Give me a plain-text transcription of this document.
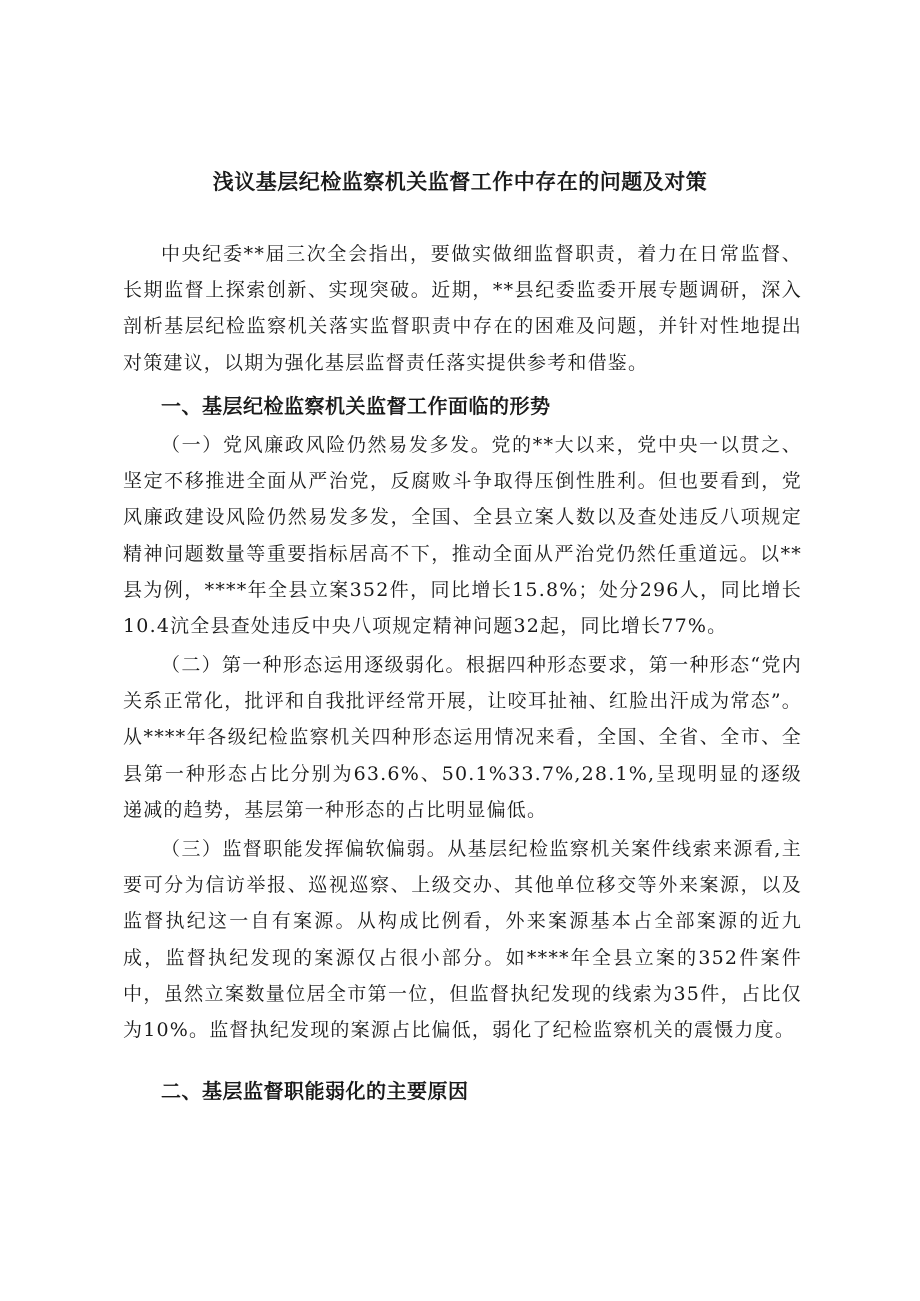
浅议基层纪检监察机关监督工作中存在的问题及对策

中央纪委**届三次全会指出，要做实做细监督职责，着力在日常监督、长期监督上探索创新、实现突破。近期，**县纪委监委开展专题调研，深入剖析基层纪检监察机关落实监督职责中存在的困难及问题，并针对性地提出对策建议，以期为强化基层监督责任落实提供参考和借鉴。

一、基层纪检监察机关监督工作面临的形势

（一）党风廉政风险仍然易发多发。党的**大以来，党中央一以贯之、坚定不移推进全面从严治党，反腐败斗争取得压倒性胜利。但也要看到，党风廉政建设风险仍然易发多发，全国、全县立案人数以及查处违反八项规定精神问题数量等重要指标居高不下，推动全面从严治党仍然任重道远。以**县为例，****年全县立案352件，同比增长15.8%；处分296人，同比增长10.4沆全县查处违反中央八项规定精神问题32起，同比增长77%。

（二）第一种形态运用逐级弱化。根据四种形态要求，第一种形态“党内关系正常化，批评和自我批评经常开展，让咬耳扯袖、红脸出汗成为常态”。从****年各级纪检监察机关四种形态运用情况来看，全国、全省、全市、全县第一种形态占比分别为63.6%、50.1%33.7%,28.1%,呈现明显的逐级递减的趋势，基层第一种形态的占比明显偏低。

（三）监督职能发挥偏软偏弱。从基层纪检监察机关案件线索来源看,主要可分为信访举报、巡视巡察、上级交办、其他单位移交等外来案源，以及监督执纪这一自有案源。从构成比例看，外来案源基本占全部案源的近九成，监督执纪发现的案源仅占很小部分。如****年全县立案的352件案件中，虽然立案数量位居全市第一位，但监督执纪发现的线索为35件，占比仅为10%。监督执纪发现的案源占比偏低，弱化了纪检监察机关的震慑力度。

二、基层监督职能弱化的主要原因
